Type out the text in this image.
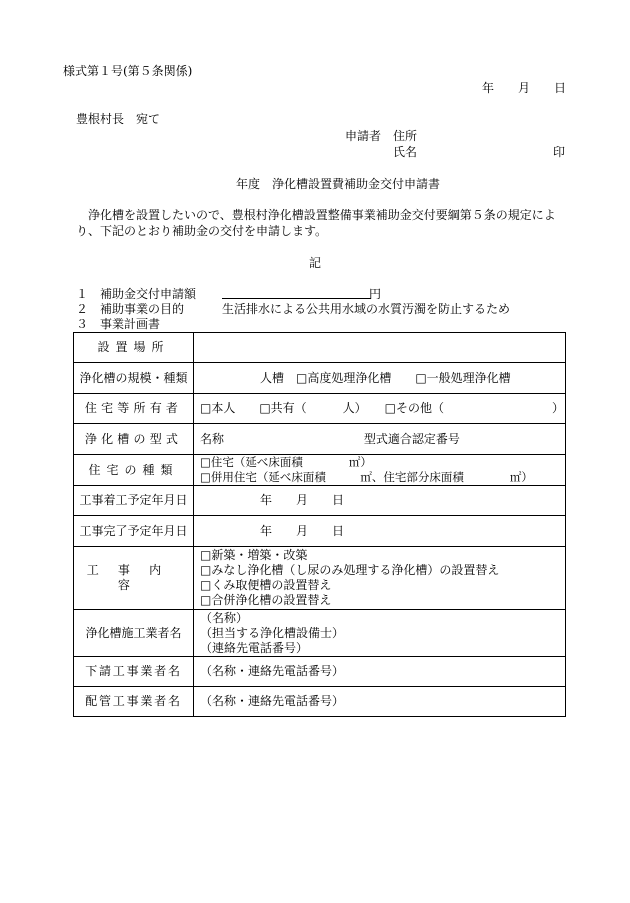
様式第１号(第５条関係)
年　　月　　日
豊根村長　宛て
申請者　住所
氏名	印
年度　浄化槽設置費補助金交付申請書
浄化槽を設置したいので、豊根村浄化槽設置整備事業補助金交付要綱第５条の規定によ
り、下記のとおり補助金の交付を申請します。
記
１　補助金交付申請額	円
２　補助事業の目的	生活排水による公共用水域の水質汚濁を防止するため
３　事業計画書
設置場所	
浄化槽の規模・種類	人槽　□高度処理浄化槽　　□一般処理浄化槽
住宅等所有者	□本人　　□共有（　　　人）　　□その他（　　　　　　　　　）
浄化槽の型式	名称 型式適合認定番号
住宅の種類	□住宅（延べ床面積　　　　㎡）
□併用住宅（延べ床面積　　　㎡、住宅部分床面積　　　　㎡）

工事着工予定年月日	年　　月　　日
工事完了予定年月日	年　　月　　日
工事内容	□新築・増築・改築
□みなし浄化槽（し尿のみ処理する浄化槽）の設置替え
□くみ取便槽の設置替え
□合併浄化槽の設置替え

浄化槽施工業者名	（名称）
（担当する浄化槽設備士）
（連絡先電話番号）

下請工事業者名	（名称・連絡先電話番号）
配管工事業者名	（名称・連絡先電話番号）
